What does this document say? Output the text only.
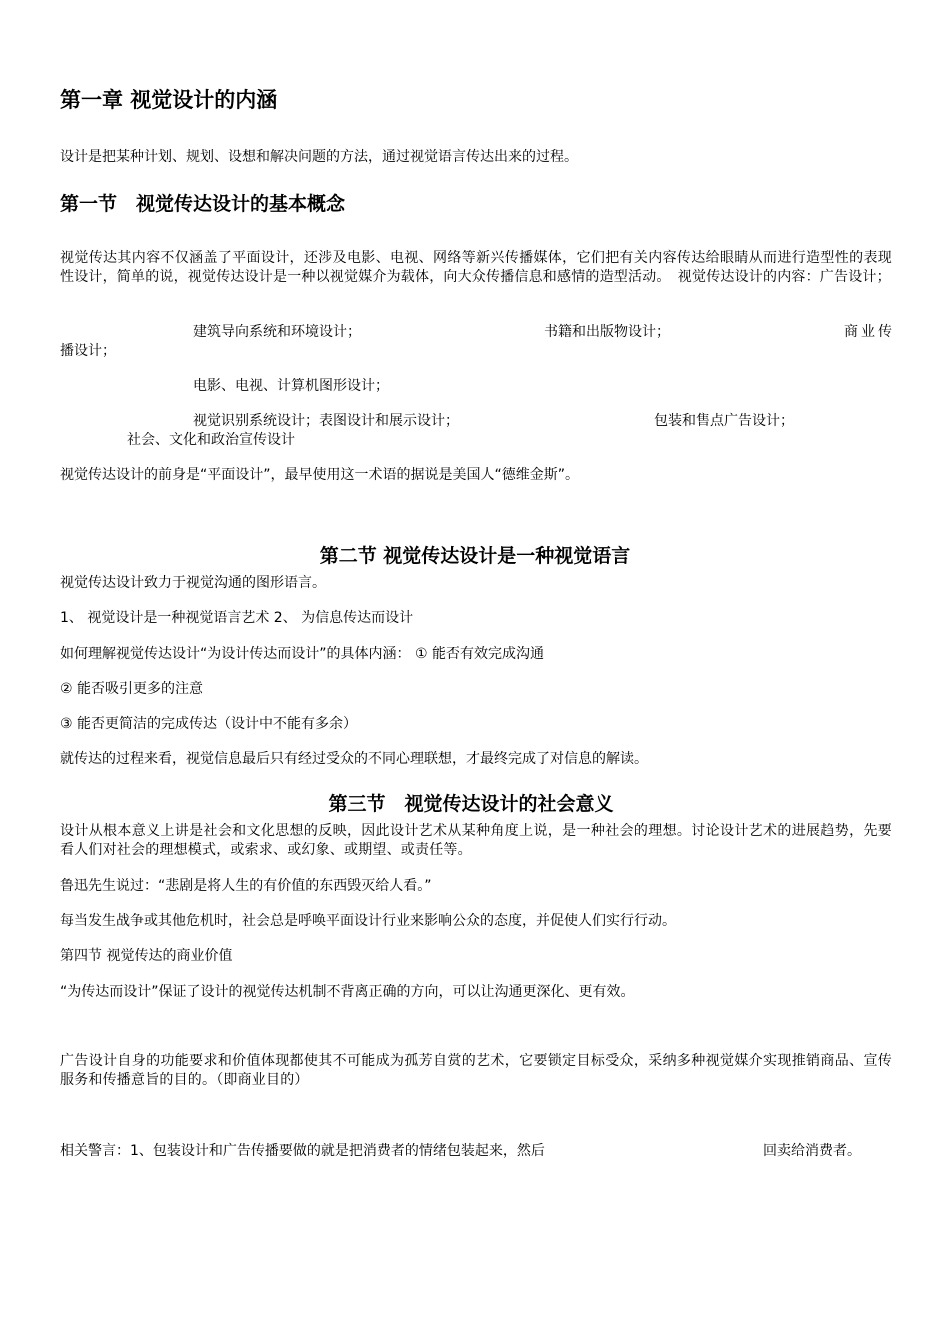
第一章 视觉设计的内涵
设计是把某种计划、规划、设想和解决问题的方法，通过视觉语言传达出来的过程。
第一节　视觉传达设计的基本概念
视觉传达其内容不仅涵盖了平面设计，还涉及电影、电视、网络等新兴传播媒体，它们把有关内容传达给眼睛从而进行造型性的表现性设计，简单的说，视觉传达设计是一种以视觉媒介为载体，向大众传播信息和感情的造型活动。　视觉传达设计的内容：广告设计；
建筑导向系统和环境设计；	书籍和出版物设计；	商业传
播设计；
电影、电视、计算机图形设计；
视觉识别系统设计；表图设计和展示设计；	包装和售点广告设计；
社会、文化和政治宣传设计
视觉传达设计的前身是“平面设计”，最早使用这一术语的据说是美国人“德维金斯”。
第二节 视觉传达设计是一种视觉语言
视觉传达设计致力于视觉沟通的图形语言。
1、 视觉设计是一种视觉语言艺术 2、 为信息传达而设计
如何理解视觉传达设计“为设计传达而设计”的具体内涵： ① 能否有效完成沟通
② 能否吸引更多的注意
③ 能否更简洁的完成传达（设计中不能有多余）
就传达的过程来看，视觉信息最后只有经过受众的不同心理联想，才最终完成了对信息的解读。
第三节　视觉传达设计的社会意义
设计从根本意义上讲是社会和文化思想的反映，因此设计艺术从某种角度上说，是一种社会的理想。讨论设计艺术的进展趋势，先要看人们对社会的理想模式，或索求、或幻象、或期望、或责任等。
鲁迅先生说过：“悲剧是将人生的有价值的东西毁灭给人看。”
每当发生战争或其他危机时，社会总是呼唤平面设计行业来影响公众的态度，并促使人们实行行动。
第四节 视觉传达的商业价值
“为传达而设计”保证了设计的视觉传达机制不背离正确的方向，可以让沟通更深化、更有效。
广告设计自身的功能要求和价值体现都使其不可能成为孤芳自赏的艺术，它要锁定目标受众，采纳多种视觉媒介实现推销商品、宣传服务和传播意旨的目的。（即商业目的）
相关警言：1、包装设计和广告传播要做的就是把消费者的情绪包装起来，然后	回卖给消费者。
